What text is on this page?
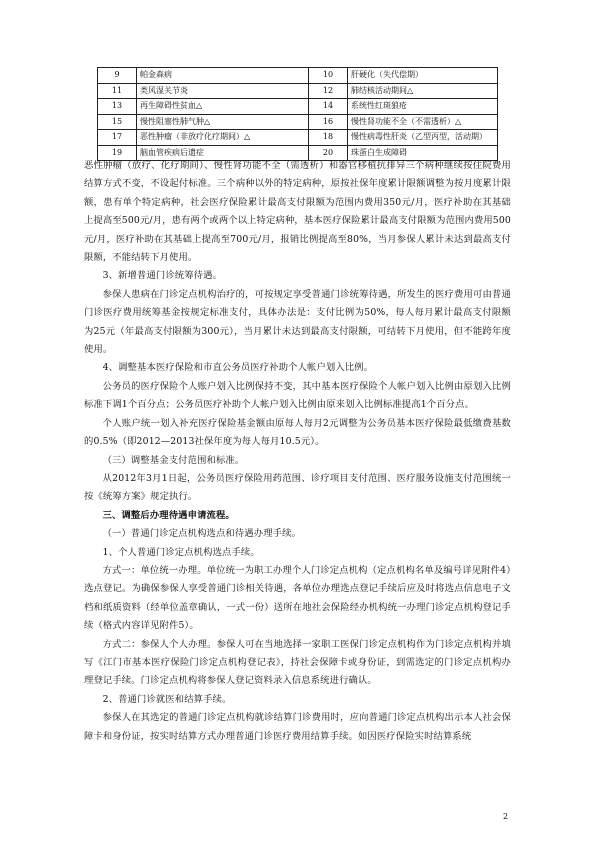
9	帕金森病	10	肝硬化（失代偿期）
11	类风湿关节炎	12	肺结核活动期间△
13	再生障碍性贫血△	14	系统性红斑狼疮
15	慢性阻塞性肺气肿△	16	慢性肾功能不全（不需透析）△
17	恶性肿瘤（非放疗化疗期间）△	18	慢性病毒性肝炎（乙型丙型，活动期）
19	脑血管疾病后遗症	20	珠蛋白生成障碍

恶性肿瘤（放疗、化疗期间）、慢性肾功能不全（需透析）和器官移植抗排异三个病种继续按住院费用结算方式不变，不设起付标准。三个病种以外的特定病种，原按社保年度累计限额调整为按月度累计限额，患有单个特定病种，社会医疗保险累计最高支付限额为范围内费用350元/月，医疗补助在其基础上提高至500元/月，患有两个或两个以上特定病种，基本医疗保险累计最高支付限额为范围内费用500元/月，医疗补助在其基础上提高至700元/月，报销比例提高至80%，当月参保人累计未达到最高支付限额，不能结转下月使用。

3、新增普通门诊统筹待遇。

参保人患病在门诊定点机构治疗的，可按规定享受普通门诊统筹待遇，所发生的医疗费用可由普通门诊医疗费用统筹基金按规定标准支付，具体办法是：支付比例为50%，每人每月累计最高支付限额为25元（年最高支付限额为300元），当月累计未达到最高支付限额，可结转下月使用，但不能跨年度使用。

4、调整基本医疗保险和市直公务员医疗补助个人帐户划入比例。

公务员的医疗保险个人账户划入比例保持不变，其中基本医疗保险个人帐户划入比例由原划入比例标准下调1个百分点；公务员医疗补助个人帐户划入比例由原来划入比例标准提高1个百分点。

个人账户统一划入补充医疗保险基金额由原每人每月2元调整为公务员基本医疗保险最低缴费基数的0.5%（即2012—2013社保年度为每人每月10.5元）。

（三）调整基金支付范围和标准。

从2012年3月1日起，公务员医疗保险用药范围、诊疗项目支付范围、医疗服务设施支付范围统一按《统筹方案》规定执行。

三、调整后办理待遇申请流程。

（一）普通门诊定点机构选点和待遇办理手续。

1、个人普通门诊定点机构选点手续。

方式一：单位统一办理。单位统一为职工办理个人门诊定点机构（定点机构名单及编号详见附件4）选点登记。为确保参保人享受普通门诊相关待遇，各单位办理选点登记手续后应及时将选点信息电子文档和纸质资料（经单位盖章确认，一式一份）送所在地社会保险经办机构统一办理门诊定点机构登记手续（格式内容详见附件5）。

方式二：参保人个人办理。参保人可在当地选择一家职工医保门诊定点机构作为门诊定点机构并填写《江门市基本医疗保险门诊定点机构登记表》，持社会保障卡或身份证，到需选定的门诊定点机构办理登记手续。门诊定点机构将参保人登记资料录入信息系统进行确认。

2、普通门诊就医和结算手续。

参保人在其选定的普通门诊定点机构就诊结算门诊费用时，应向普通门诊定点机构出示本人社会保障卡和身份证，按实时结算方式办理普通门诊医疗费用结算手续。如因医疗保险实时结算系统

2
